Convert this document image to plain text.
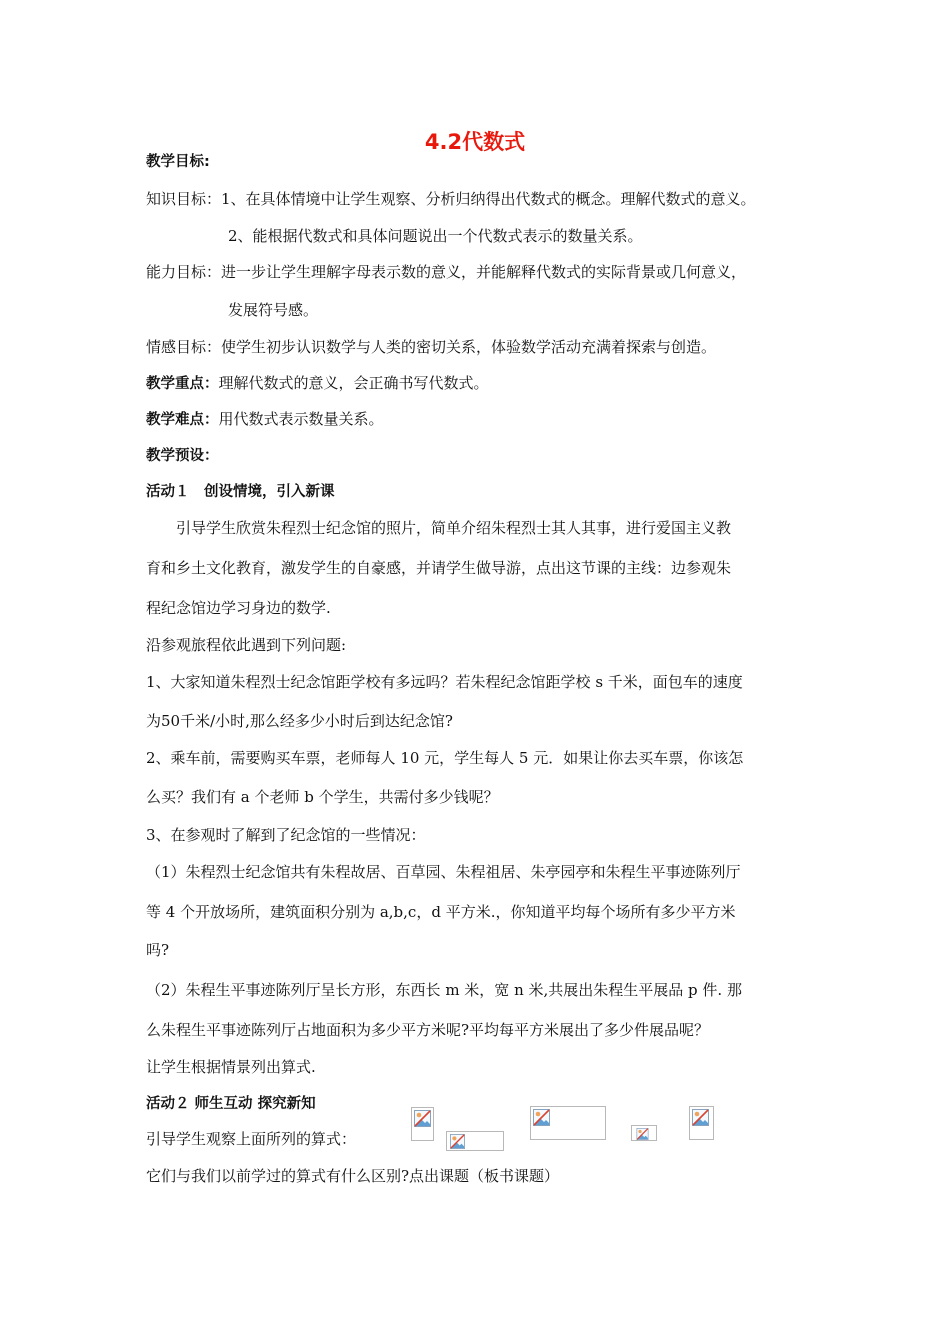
4.2代数式
教学目标:
知识目标：1、在具体情境中让学生观察、分析归纳得出代数式的概念。理解代数式的意义。
2、能根据代数式和具体问题说出一个代数式表示的数量关系。
能力目标：进一步让学生理解字母表示数的意义，并能解释代数式的实际背景或几何意义，
发展符号感。
情感目标：使学生初步认识数学与人类的密切关系，体验数学活动充满着探索与创造。
教学重点：理解代数式的意义，会正确书写代数式。
教学难点：用代数式表示数量关系。
教学预设：
活动１　创设情境，引入新课
引导学生欣赏朱程烈士纪念馆的照片，简单介绍朱程烈士其人其事，进行爱国主义教
育和乡土文化教育，激发学生的自豪感，并请学生做导游，点出这节课的主线：边参观朱
程纪念馆边学习身边的数学.
沿参观旅程依此遇到下列问题:
1、大家知道朱程烈士纪念馆距学校有多远吗？若朱程纪念馆距学校 s 千米，面包车的速度
为50千米/小时,那么经多少小时后到达纪念馆?
2、乘车前，需要购买车票，老师每人 10 元，学生每人 5 元．如果让你去买车票，你该怎
么买？我们有 a 个老师 b 个学生，共需付多少钱呢？
3、在参观时了解到了纪念馆的一些情况：
（1）朱程烈士纪念馆共有朱程故居、百草园、朱程祖居、朱亭园亭和朱程生平事迹陈列厅
等 4 个开放场所，建筑面积分别为 a,b,c，d 平方米.，你知道平均每个场所有多少平方米
吗?
（2）朱程生平事迹陈列厅呈长方形，东西长 m 米，宽 n 米,共展出朱程生平展品 p 件. 那
么朱程生平事迹陈列厅占地面积为多少平方米呢?平均每平方米展出了多少件展品呢？
让学生根据情景列出算式.
活动２ 师生互动 探究新知
引导学生观察上面所列的算式：
它们与我们以前学过的算式有什么区别?点出课题（板书课题）
